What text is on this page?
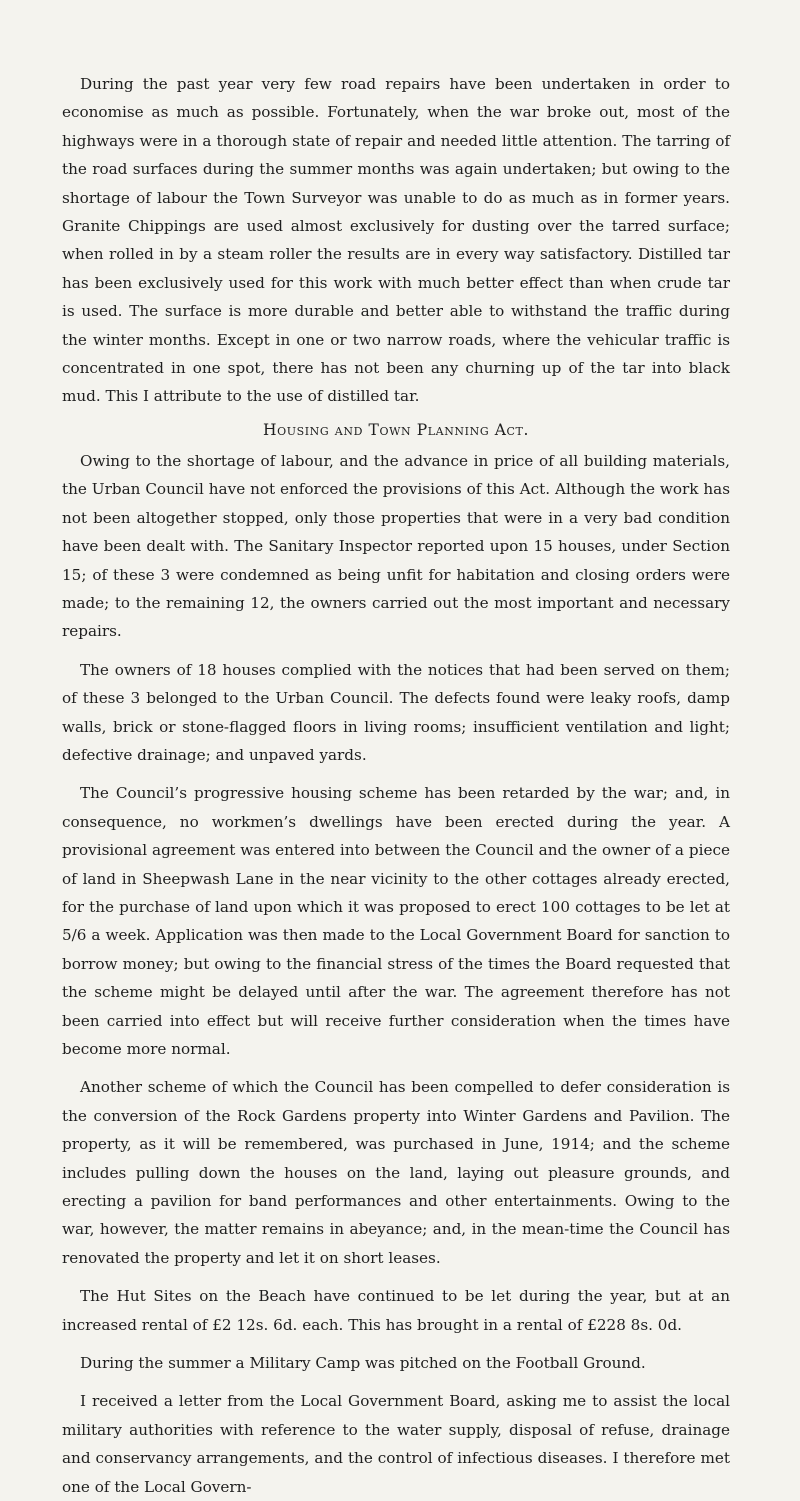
During the past year very few road repairs have been undertaken in order to economise as much as possible. Fortunately, when the war broke out, most of the highways were in a thorough state of repair and needed little attention. The tarring of the road surfaces during the summer months was again undertaken; but owing to the shortage of labour the Town Surveyor was unable to do as much as in former years. Granite Chippings are used almost exclusively for dusting over the tarred surface; when rolled in by a steam roller the results are in every way satisfactory. Distilled tar has been exclusively used for this work with much better effect than when crude tar is used. The surface is more durable and better able to withstand the traffic during the winter months. Except in one or two narrow roads, where the vehicular traffic is concentrated in one spot, there has not been any churning up of the tar into black mud. This I attribute to the use of distilled tar.

Housing and Town Planning Act.

Owing to the shortage of labour, and the advance in price of all building materials, the Urban Council have not enforced the provisions of this Act. Although the work has not been altogether stopped, only those properties that were in a very bad condition have been dealt with. The Sanitary Inspector reported upon 15 houses, under Section 15; of these 3 were condemned as being unfit for habitation and closing orders were made; to the remaining 12, the owners carried out the most important and necessary repairs.

The owners of 18 houses complied with the notices that had been served on them; of these 3 belonged to the Urban Council. The defects found were leaky roofs, damp walls, brick or stone-flagged floors in living rooms; insufficient ventilation and light; defective drainage; and unpaved yards.

The Council’s progressive housing scheme has been retarded by the war; and, in consequence, no workmen’s dwellings have been erected during the year. A provisional agreement was entered into between the Council and the owner of a piece of land in Sheepwash Lane in the near vicinity to the other cottages already erected, for the purchase of land upon which it was proposed to erect 100 cottages to be let at 5/6 a week. Application was then made to the Local Government Board for sanction to borrow money; but owing to the financial stress of the times the Board requested that the scheme might be delayed until after the war. The agreement therefore has not been carried into effect but will receive further consideration when the times have become more normal.

Another scheme of which the Council has been compelled to defer consideration is the conversion of the Rock Gardens property into Winter Gardens and Pavilion. The property, as it will be remembered, was purchased in June, 1914; and the scheme includes pulling down the houses on the land, laying out pleasure grounds, and erecting a pavilion for band performances and other entertainments. Owing to the war, however, the matter remains in abeyance; and, in the mean-time the Council has renovated the property and let it on short leases.

The Hut Sites on the Beach have continued to be let during the year, but at an increased rental of £2 12s. 6d. each. This has brought in a rental of £228 8s. 0d.

During the summer a Military Camp was pitched on the Football Ground.

I received a letter from the Local Government Board, asking me to assist the local military authorities with reference to the water supply, disposal of refuse, drainage and conservancy arrangements, and the control of infectious diseases. I therefore met one of the Local Govern-
